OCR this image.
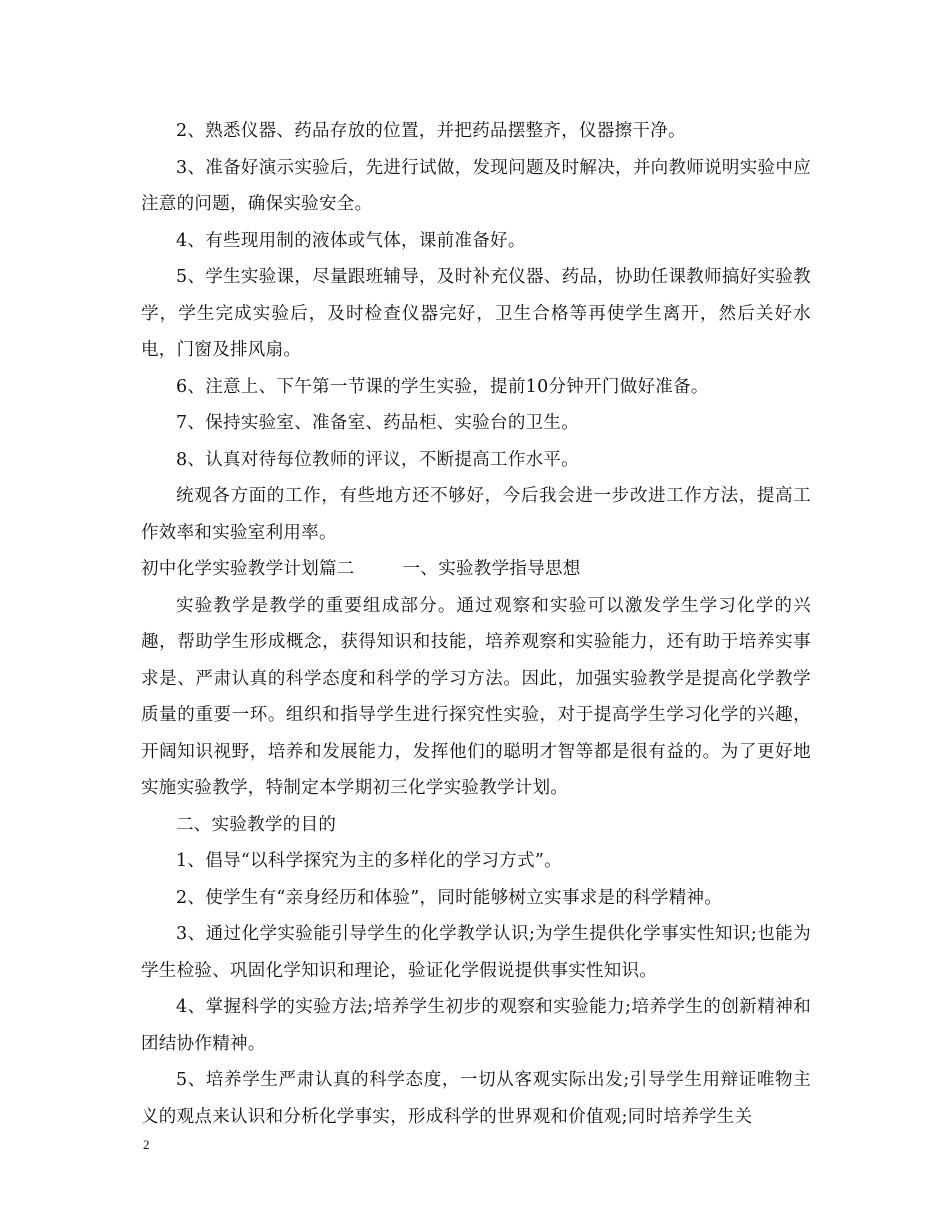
2、熟悉仪器、药品存放的位置，并把药品摆整齐，仪器擦干净。

3、准备好演示实验后，先进行试做，发现问题及时解决，并向教师说明实验中应注意的问题，确保实验安全。

4、有些现用制的液体或气体，课前准备好。

5、学生实验课，尽量跟班辅导，及时补充仪器、药品，协助任课教师搞好实验教学，学生完成实验后，及时检查仪器完好，卫生合格等再使学生离开，然后关好水电，门窗及排风扇。

6、注意上、下午第一节课的学生实验，提前10分钟开门做好准备。

7、保持实验室、准备室、药品柜、实验台的卫生。

8、认真对待每位教师的评议，不断提高工作水平。

统观各方面的工作，有些地方还不够好，今后我会进一步改进工作方法，提高工作效率和实验室利用率。

初中化学实验教学计划篇二	一、实验教学指导思想

实验教学是教学的重要组成部分。通过观察和实验可以激发学生学习化学的兴趣，帮助学生形成概念，获得知识和技能，培养观察和实验能力，还有助于培养实事求是、严肃认真的科学态度和科学的学习方法。因此，加强实验教学是提高化学教学质量的重要一环。组织和指导学生进行探究性实验，对于提高学生学习化学的兴趣，开阔知识视野，培养和发展能力，发挥他们的聪明才智等都是很有益的。为了更好地实施实验教学，特制定本学期初三化学实验教学计划。

二、实验教学的目的

1、倡导“以科学探究为主的多样化的学习方式”。

2、使学生有“亲身经历和体验”，同时能够树立实事求是的科学精神。

3、通过化学实验能引导学生的化学教学认识;为学生提供化学事实性知识;也能为学生检验、巩固化学知识和理论，验证化学假说提供事实性知识。

4、掌握科学的实验方法;培养学生初步的观察和实验能力;培养学生的创新精神和团结协作精神。

5、培养学生严肃认真的科学态度，一切从客观实际出发;引导学生用辩证唯物主义的观点来认识和分析化学事实，形成科学的世界观和价值观;同时培养学生关

2
